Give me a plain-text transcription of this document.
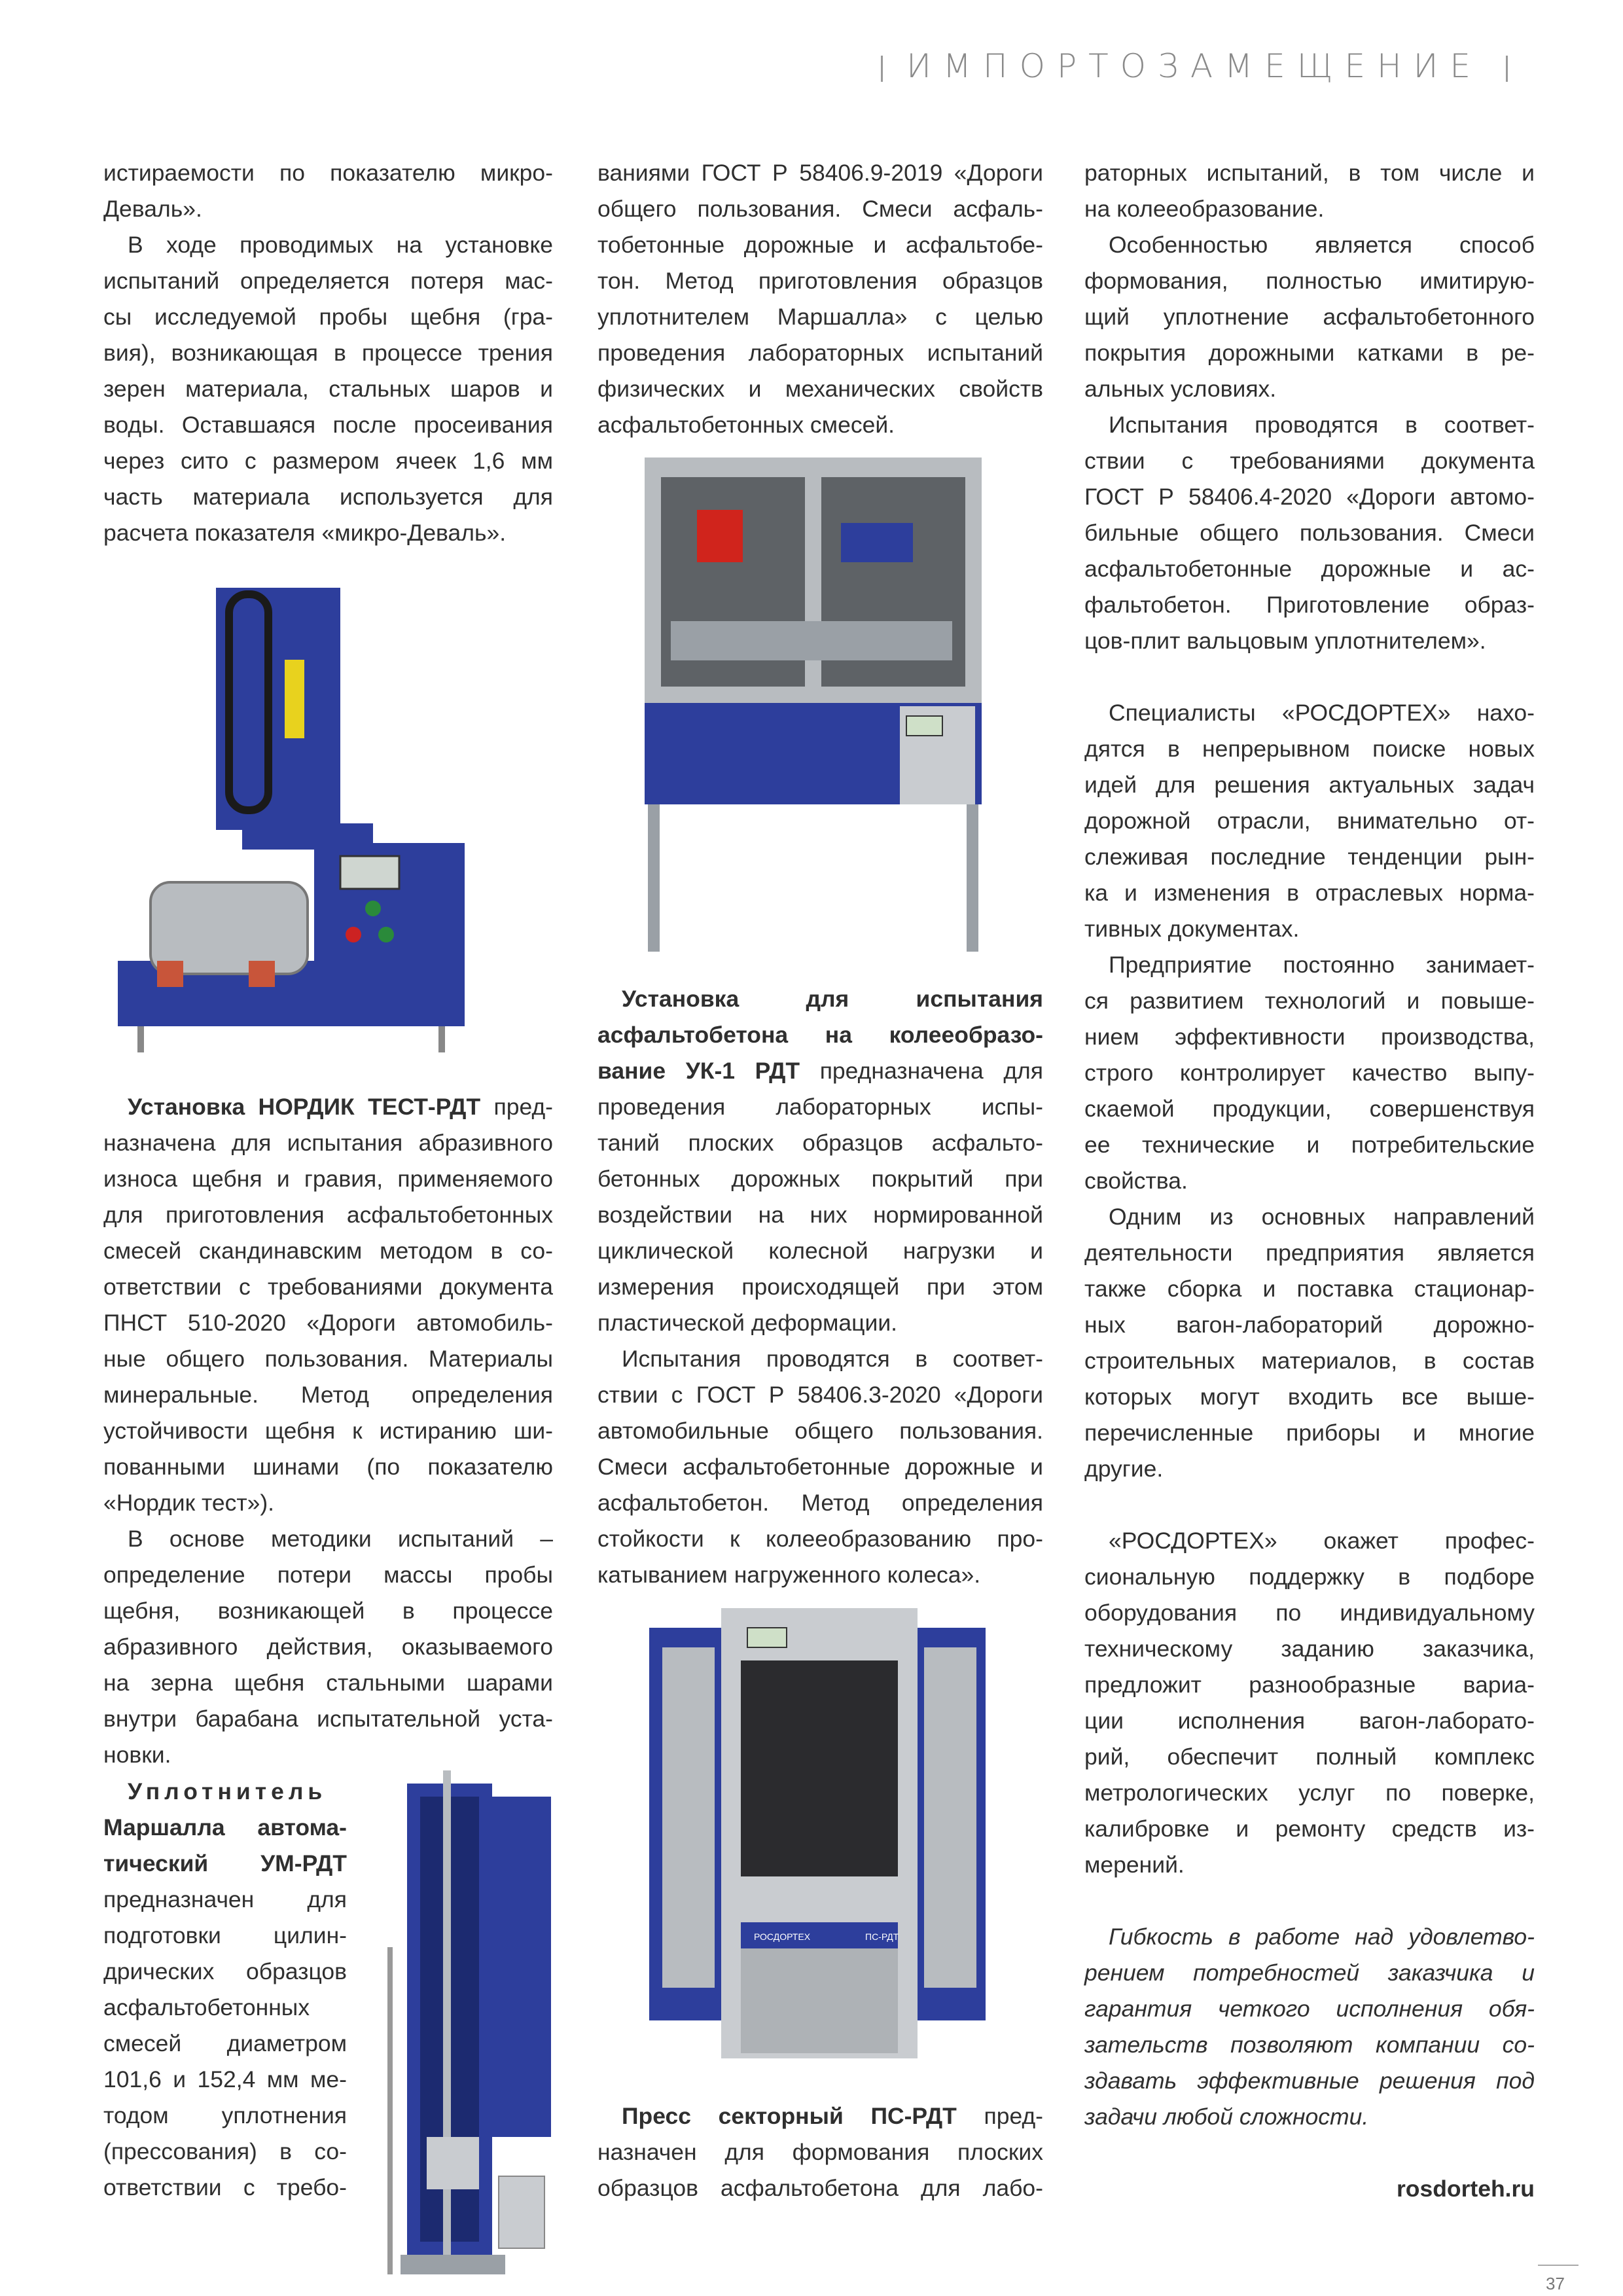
ИМПОРТОЗАМЕЩЕНИЕ
истираемости по показателю микро-
Деваль».
В ходе проводимых на установке
испытаний определяется потеря мас-
сы исследуемой пробы щебня (гра-
вия), возникающая в процессе трения
зерен материала, стальных шаров и
воды. Оставшаяся после просеивания
через сито с размером ячеек 1,6 мм
часть материала используется для
расчета показателя «микро-Деваль».
Установка НОРДИК ТЕСТ-РДТ пред-
назначена для испытания абразивного
износа щебня и гравия, применяемого
для приготовления асфальтобетонных
смесей скандинавским методом в со-
ответствии с требованиями документа
ПНСТ 510-2020 «Дороги автомобиль-
ные общего пользования. Материалы
минеральные. Метод определения
устойчивости щебня к истиранию ши-
пованными шинами (по показателю
«Нордик тест»).
В основе методики испытаний –
определение потери массы пробы
щебня, возникающей в процессе
абразивного действия, оказываемого
на зерна щебня стальными шарами
внутри барабана испытательной уста-
новки.
Уплотнитель
Маршалла автома-
тический УМ-РДТ
предназначен для
подготовки цилин-
дрических образцов
асфальтобетонных
смесей диаметром
101,6 и 152,4 мм ме-
тодом уплотнения
(прессования) в со-
ответствии с требо-
ваниями ГОСТ Р 58406.9-2019 «Дороги
общего пользования. Смеси асфаль-
тобетонные дорожные и асфальтобе-
тон. Метод приготовления образцов
уплотнителем Маршалла» с целью
проведения лабораторных испытаний
физических и механических свойств
асфальтобетонных смесей.
Установка для испытания
асфальтобетона на колееобразо-
вание УК-1 РДТ предназначена для
проведения лабораторных испы-
таний плоских образцов асфальто-
бетонных дорожных покрытий при
воздействии на них нормированной
циклической колесной нагрузки и
измерения происходящей при этом
пластической деформации.
Испытания проводятся в соответ-
ствии с ГОСТ Р 58406.3-2020 «Дороги
автомобильные общего пользования.
Смеси асфальтобетонные дорожные и
асфальтобетон. Метод определения
стойкости к колееобразованию про-
катыванием нагруженного колеса».
Пресс секторный ПС-РДТ пред-
назначен для формования плоских
образцов асфальтобетона для лабо-
раторных испытаний, в том числе и
на колееобразование.
Особенностью является способ
формования, полностью имитирую-
щий уплотнение асфальтобетонного
покрытия дорожными катками в ре-
альных условиях.
Испытания проводятся в соответ-
ствии с требованиями документа
ГОСТ Р 58406.4-2020 «Дороги автомо-
бильные общего пользования. Смеси
асфальтобетонные дорожные и ас-
фальтобетон. Приготовление образ-
цов-плит вальцовым уплотнителем».
Специалисты «РОСДОРТЕХ» нахо-
дятся в непрерывном поиске новых
идей для решения актуальных задач
дорожной отрасли, внимательно от-
слеживая последние тенденции рын-
ка и изменения в отраслевых норма-
тивных документах.
Предприятие постоянно занимает-
ся развитием технологий и повыше-
нием эффективности производства,
строго контролирует качество выпу-
скаемой продукции, совершенствуя
ее технические и потребительские
свойства.
Одним из основных направлений
деятельности предприятия является
также сборка и поставка стационар-
ных вагон-лабораторий дорожно-
строительных материалов, в состав
которых могут входить все выше-
перечисленные приборы и многие
другие.
«РОСДОРТЕХ» окажет профес-
сиональную поддержку в подборе
оборудования по индивидуальному
техническому заданию заказчика,
предложит разнообразные вариа-
ции исполнения вагон-лаборато-
рий, обеспечит полный комплекс
метрологических услуг по поверке,
калибровке и ремонту средств из-
мерений.
Гибкость в работе над удовлетво-
рением потребностей заказчика и
гарантия четкого исполнения обя-
зательств позволяют компании со-
здавать эффективные решения под
задачи любой сложности.
rosdorteh.ru
РОСДОРТЕХ	ПС-РДТ
37
